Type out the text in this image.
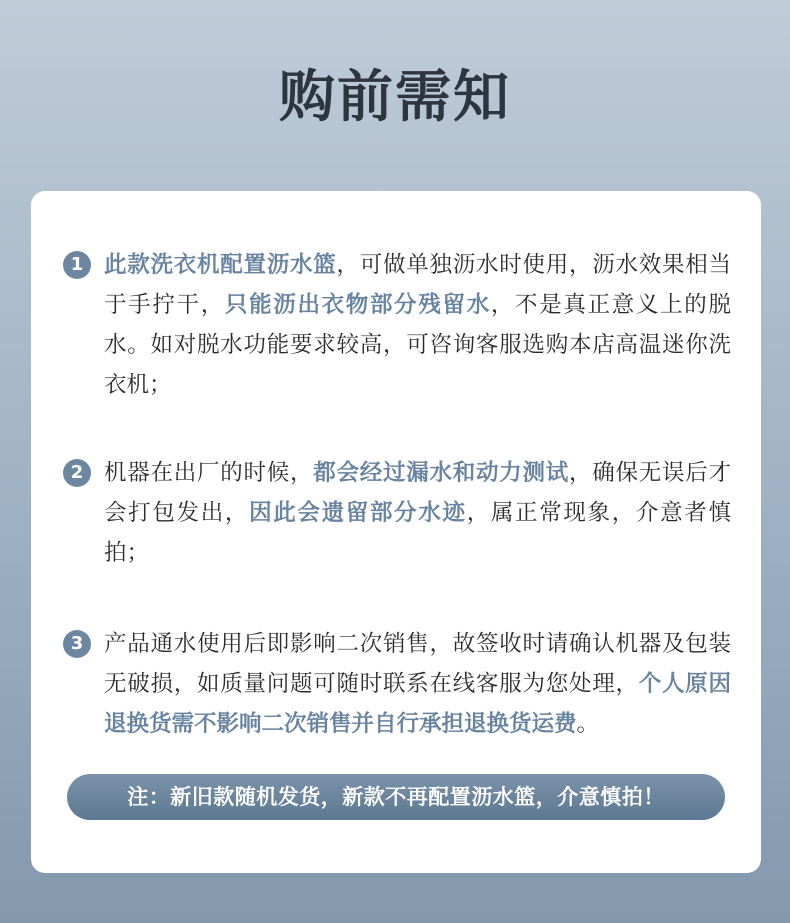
购前需知
1 此款洗衣机配置沥水篮，可做单独沥水时使用，沥水效果相当于手拧干，只能沥出衣物部分残留水，不是真正意义上的脱水。如对脱水功能要求较高，可咨询客服选购本店高温迷你洗衣机；
2 机器在出厂的时候，都会经过漏水和动力测试，确保无误后才会打包发出，因此会遗留部分水迹，属正常现象，介意者慎拍；
3 产品通水使用后即影响二次销售，故签收时请确认机器及包装无破损，如质量问题可随时联系在线客服为您处理，个人原因退换货需不影响二次销售并自行承担退换货运费。
注：新旧款随机发货，新款不再配置沥水篮，介意慎拍！
